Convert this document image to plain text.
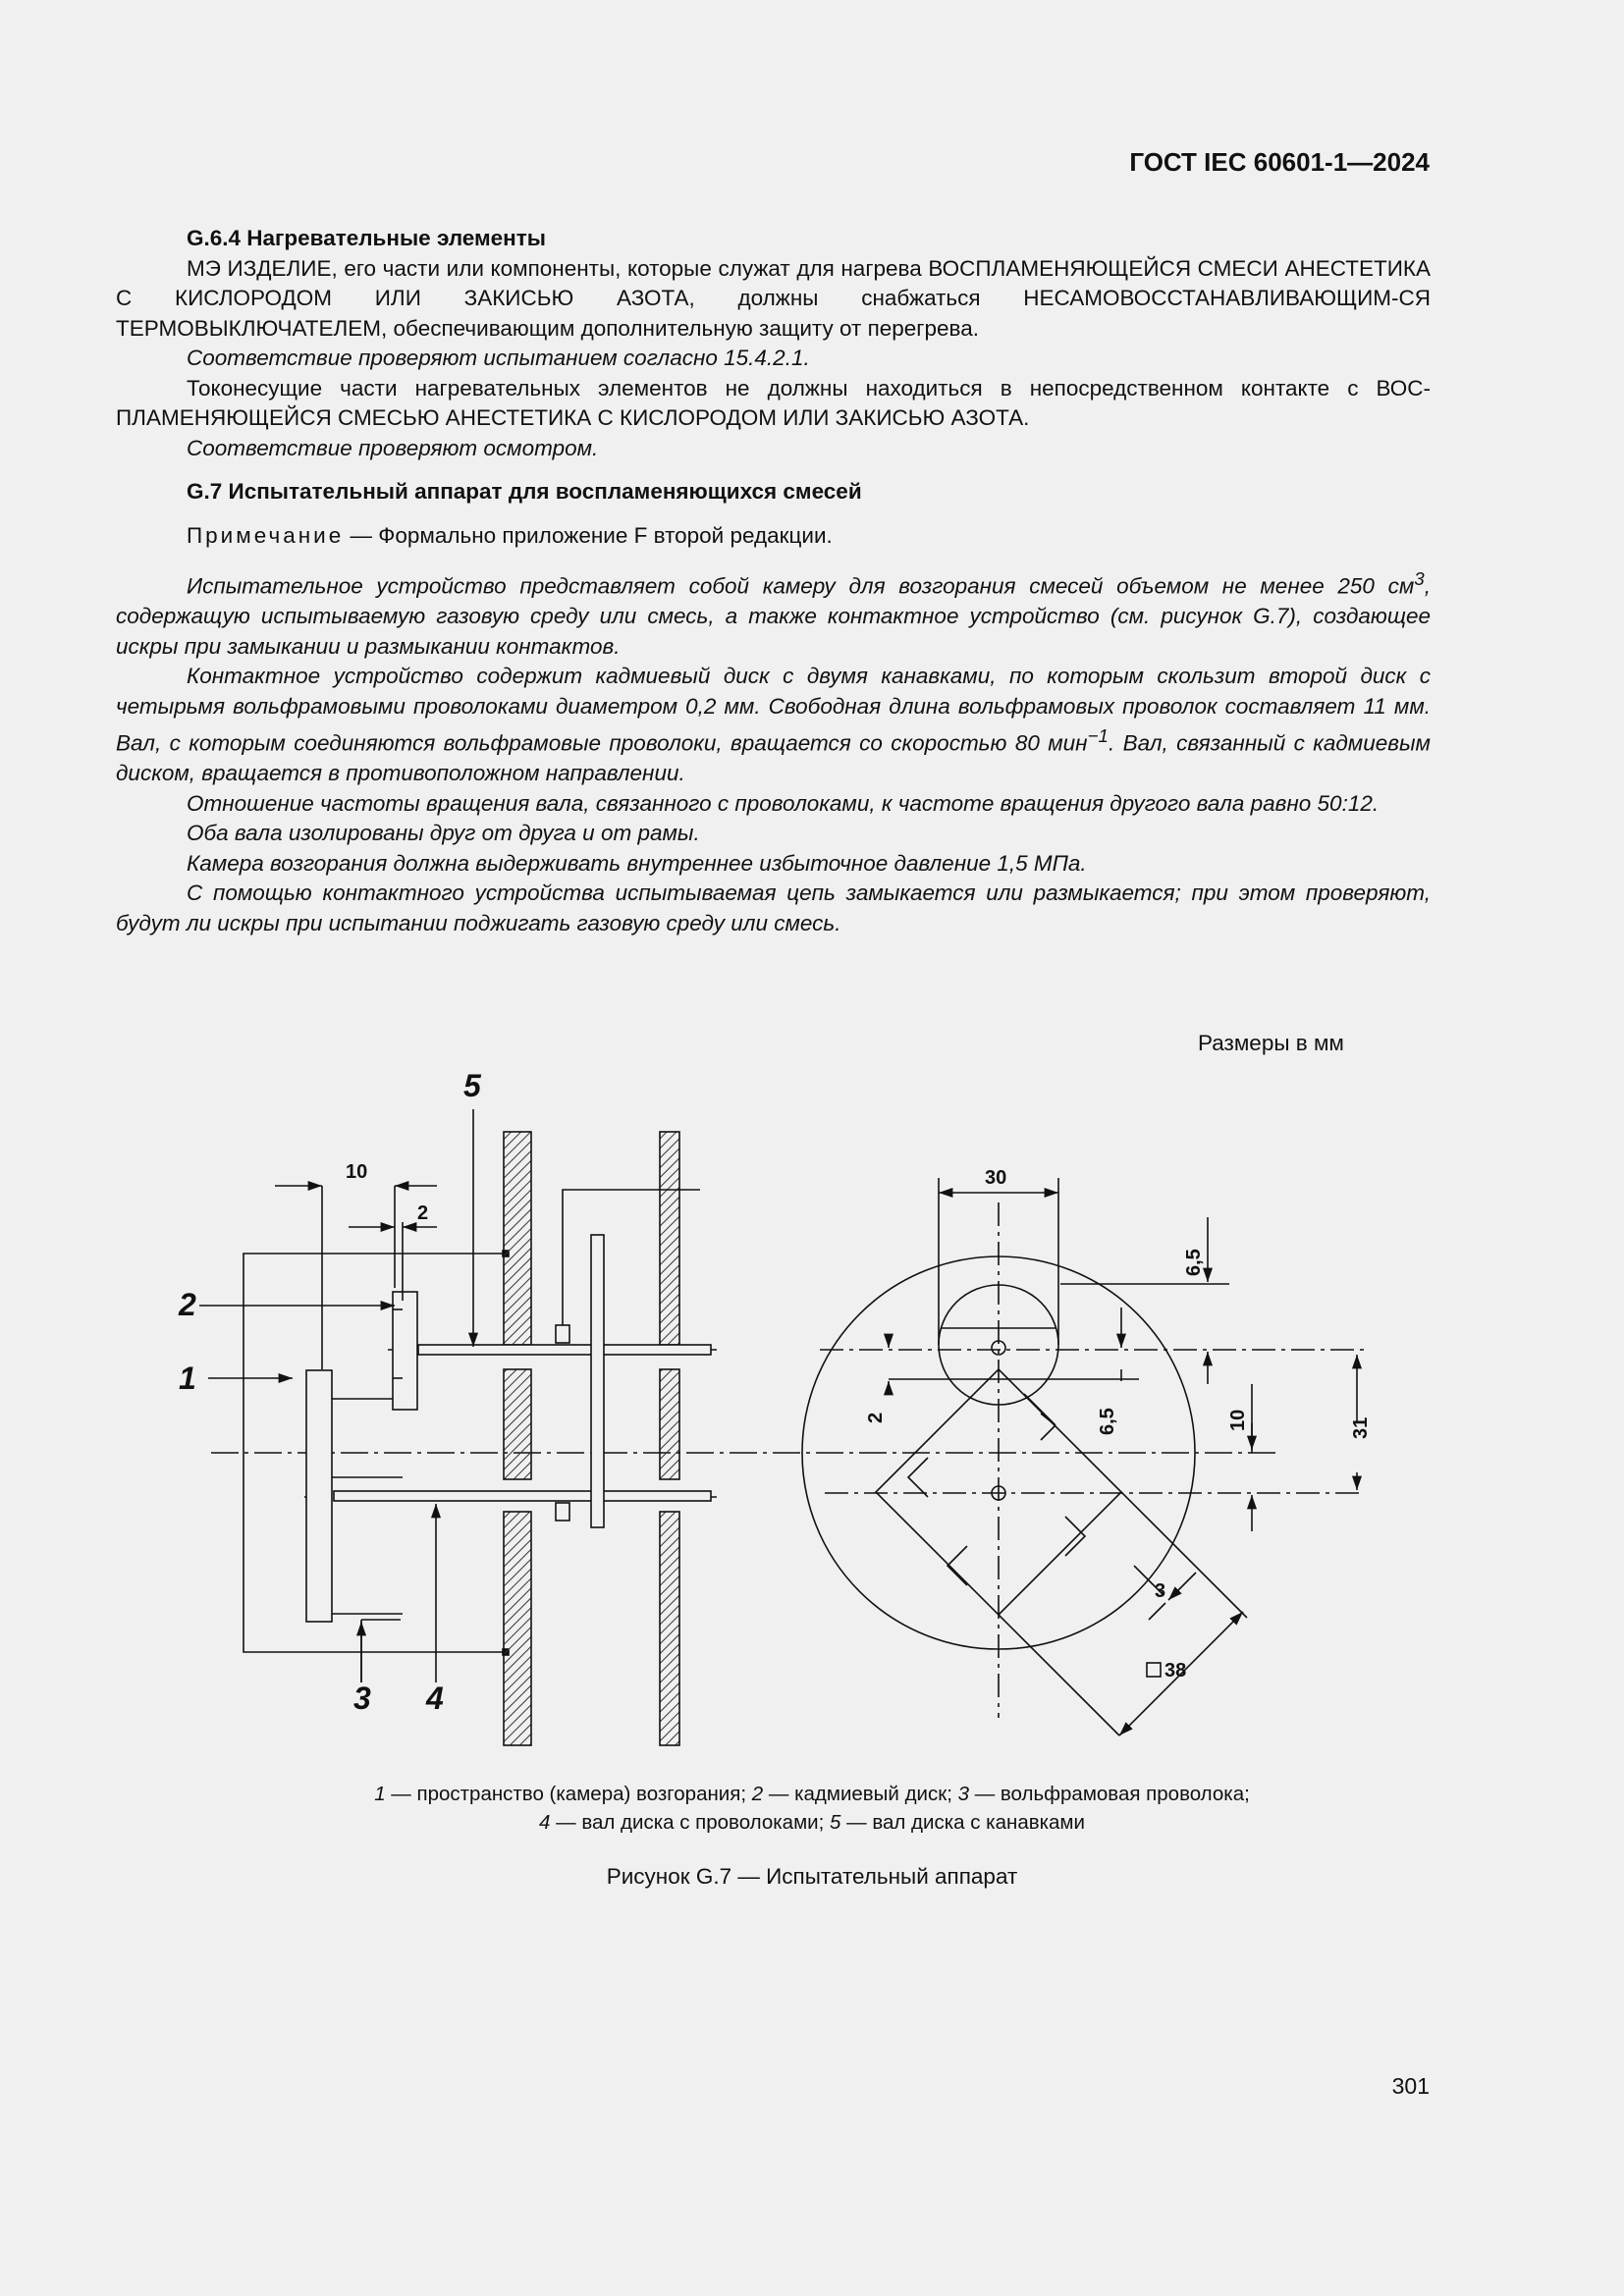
ГОСТ IEC 60601-1—2024

G.6.4 Нагревательные элементы

МЭ ИЗДЕЛИЕ, его части или компоненты, которые служат для нагрева ВОСПЛАМЕНЯЮЩЕЙСЯ СМЕСИ АНЕСТЕТИКА С КИСЛОРОДОМ ИЛИ ЗАКИСЬЮ АЗОТА, должны снабжаться НЕСАМОВОССТАНАВЛИВАЮЩИМ-СЯ ТЕРМОВЫКЛЮЧАТЕЛЕМ, обеспечивающим дополнительную защиту от перегрева.

Соответствие проверяют испытанием согласно 15.4.2.1.

Токонесущие части нагревательных элементов не должны находиться в непосредственном контакте с ВОС-ПЛАМЕНЯЮЩЕЙСЯ СМЕСЬЮ АНЕСТЕТИКА С КИСЛОРОДОМ ИЛИ ЗАКИСЬЮ АЗОТА.

Соответствие проверяют осмотром.

G.7 Испытательный аппарат для воспламеняющихся смесей

Примечание — Формально приложение F второй редакции.

Испытательное устройство представляет собой камеру для возгорания смесей объемом не менее 250 $см^3$, содержащую испытываемую газовую среду или смесь, а также контактное устройство (см. рисунок G.7), создающее искры при замыкании и размыкании контактов.

Контактное устройство содержит кадмиевый диск с двумя канавками, по которым скользит второй диск с четырьмя вольфрамовыми проволоками диаметром 0,2 мм. Свободная длина вольфрамовых проволок составляет 11 мм. Вал, с которым соединяются вольфрамовые проволоки, вращается со скоростью 80 мин$^{-1}$. Вал, связанный с кадмиевым диском, вращается в противоположном направлении.

Отношение частоты вращения вала, связанного с проволоками, к частоте вращения другого вала равно 50:12.

Оба вала изолированы друг от друга и от рамы.

Камера возгорания должна выдерживать внутреннее избыточное давление 1,5 МПа.

С помощью контактного устройства испытываемая цепь замыкается или размыкается; при этом проверяют, будут ли искры при испытании поджигать газовую среду или смесь.

Размеры в мм
10
2
30
6,5
2	6,5	10	31
3
38
5
2
1
3 4
1 — пространство (камера) возгорания; 2 — кадмиевый диск; 3 — вольфрамовая проволока;
4 — вал диска с проволоками; 5 — вал диска с канавками
Рисунок G.7 — Испытательный аппарат
301
